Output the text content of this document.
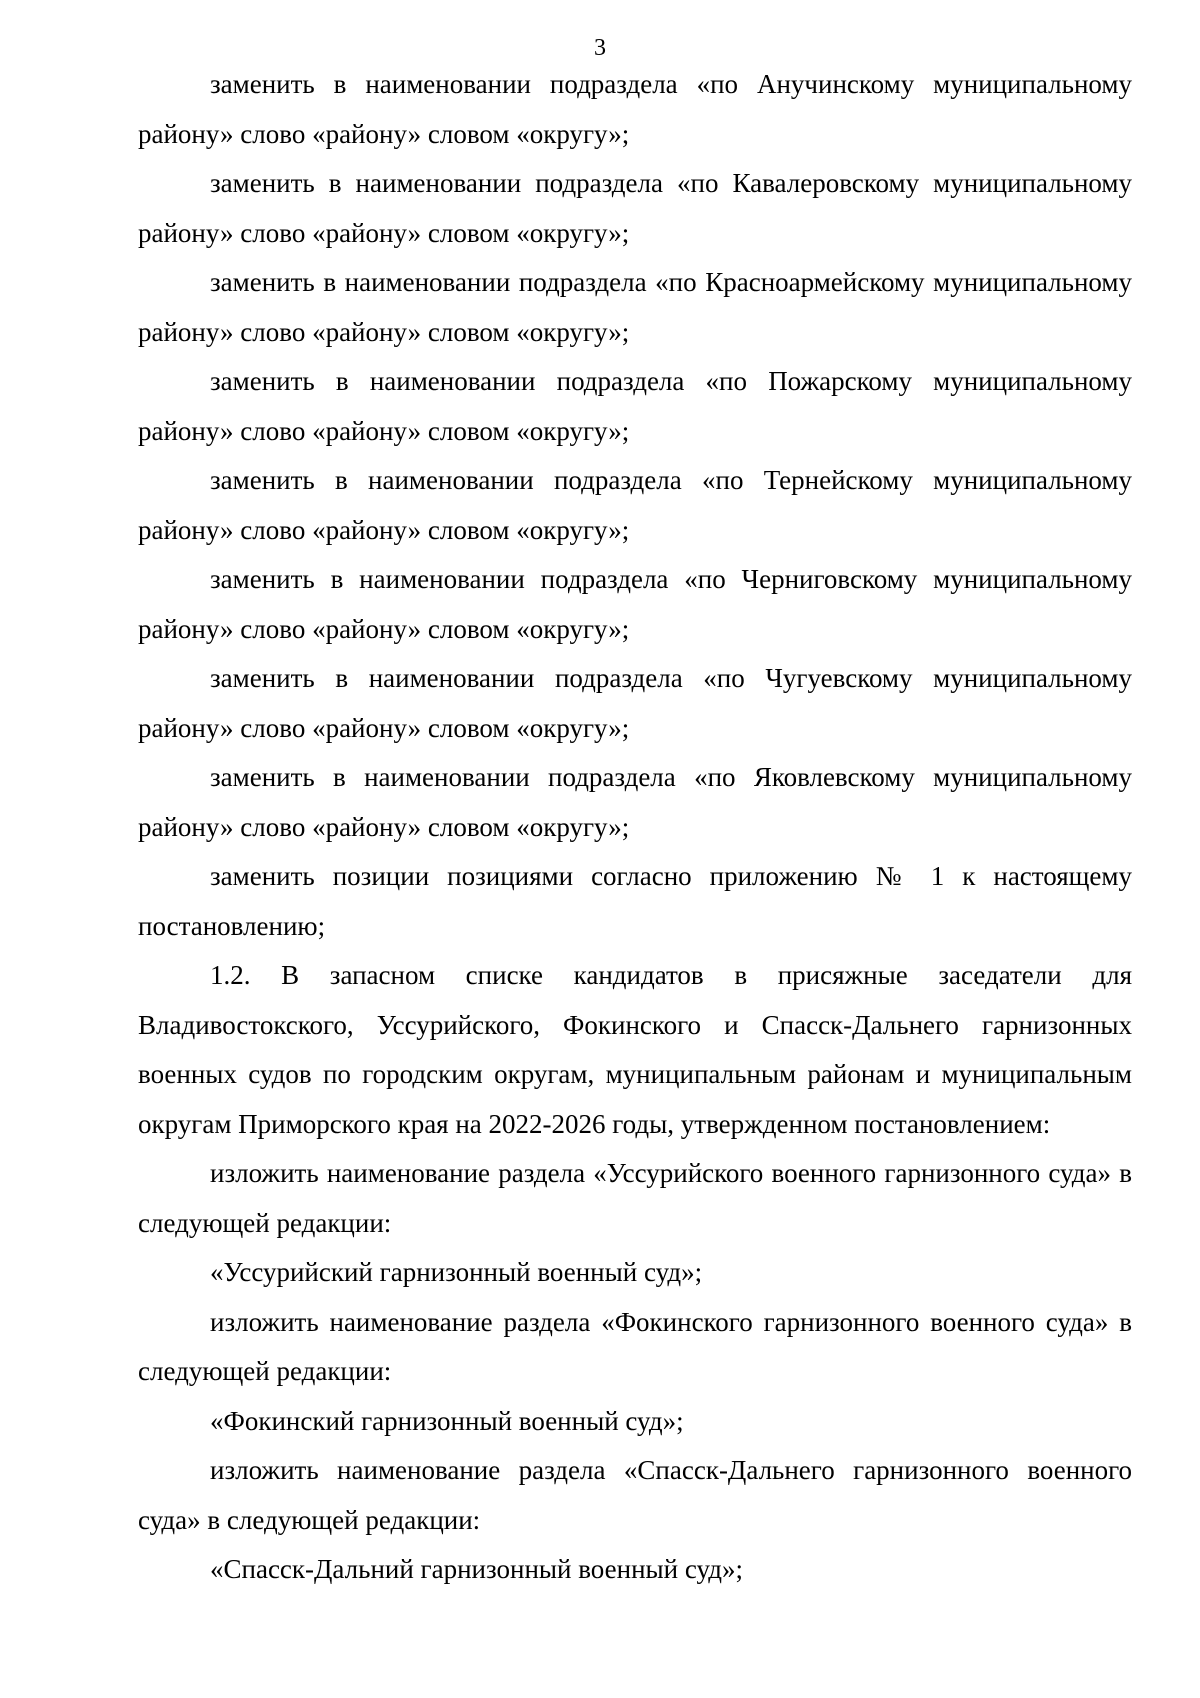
3

заменить в наименовании подраздела «по Анучинскому муниципальному району» слово «району» словом «округу»;

заменить в наименовании подраздела «по Кавалеровскому муниципальному району» слово «району» словом «округу»;

заменить в наименовании подраздела «по Красноармейскому муниципальному району» слово «району» словом «округу»;

заменить в наименовании подраздела «по Пожарскому муниципальному району» слово «району» словом «округу»;

заменить в наименовании подраздела «по Тернейскому муниципальному району» слово «району» словом «округу»;

заменить в наименовании подраздела «по Черниговскому муниципальному району» слово «району» словом «округу»;

заменить в наименовании подраздела «по Чугуевскому муниципальному району» слово «району» словом «округу»;

заменить в наименовании подраздела «по Яковлевскому муниципальному району» слово «району» словом «округу»;

заменить позиции позициями согласно приложению № 1 к настоящему постановлению;

1.2. В запасном списке кандидатов в присяжные заседатели для Владивостокского, Уссурийского, Фокинского и Спасск-Дальнего гарнизонных военных судов по городским округам, муниципальным районам и муниципальным округам Приморского края на 2022-2026 годы, утвержденном постановлением:

изложить наименование раздела «Уссурийского военного гарнизонного суда» в следующей редакции:

«Уссурийский гарнизонный военный суд»;

изложить наименование раздела «Фокинского гарнизонного военного суда» в следующей редакции:

«Фокинский гарнизонный военный суд»;

изложить наименование раздела «Спасск-Дальнего гарнизонного военного суда» в следующей редакции:

«Спасск-Дальний гарнизонный военный суд»;
